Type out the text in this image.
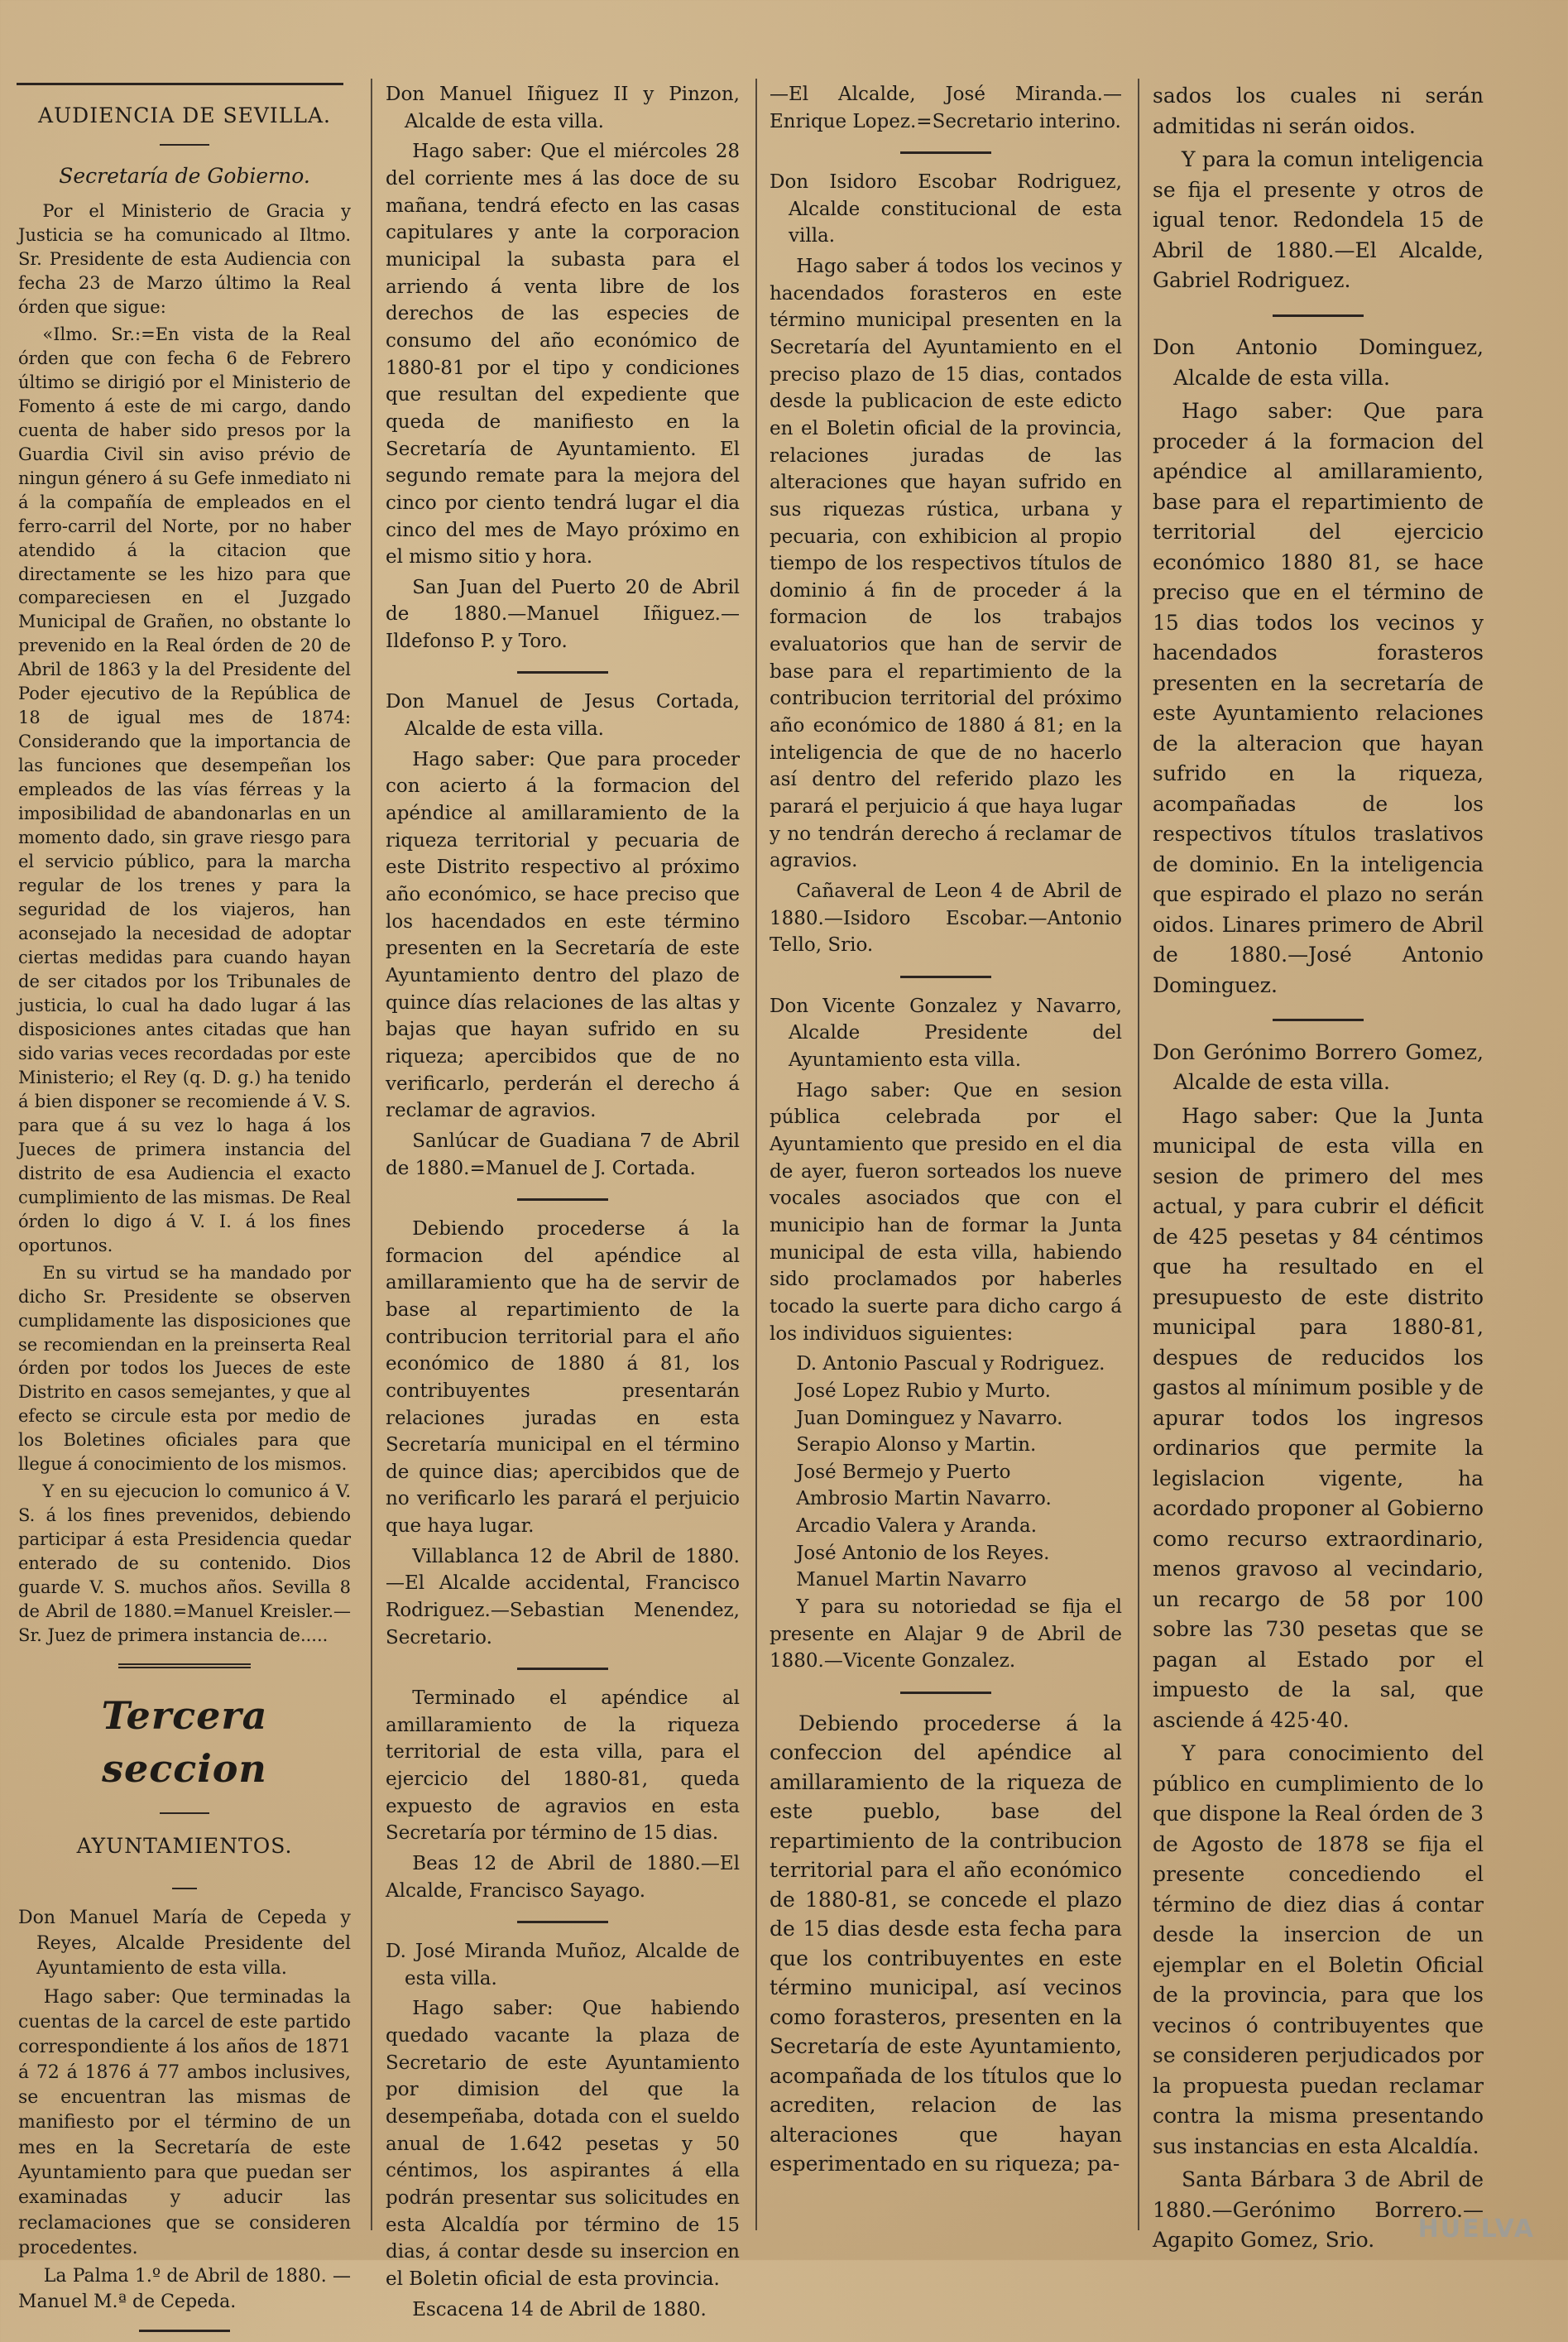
AUDIENCIA DE SEVILLA.

Secretaría de Gobierno.

Por el Ministerio de Gracia y Justicia se ha comunicado al Iltmo. Sr. Presidente de esta Audiencia con fecha 23 de Marzo último la Real órden que sigue:

«Ilmo. Sr.:=En vista de la Real órden que con fecha 6 de Febrero último se dirigió por el Ministerio de Fomento á este de mi cargo, dando cuenta de haber sido presos por la Guardia Civil sin aviso prévio de ningun género á su Gefe inmediato ni á la compañía de empleados en el ferro-carril del Norte, por no haber atendido á la citacion que directamente se les hizo para que compareciesen en el Juzgado Municipal de Grañen, no obstante lo prevenido en la Real órden de 20 de Abril de 1863 y la del Presidente del Poder ejecutivo de la República de 18 de igual mes de 1874: Considerando que la importancia de las funciones que desempeñan los empleados de las vías férreas y la imposibilidad de abandonarlas en un momento dado, sin grave riesgo para el servicio público, para la marcha regular de los trenes y para la seguridad de los viajeros, han aconsejado la necesidad de adoptar ciertas medidas para cuando hayan de ser citados por los Tribunales de justicia, lo cual ha dado lugar á las disposiciones antes citadas que han sido varias veces recordadas por este Ministerio; el Rey (q. D. g.) ha tenido á bien disponer se recomiende á V. S. para que á su vez lo haga á los Jueces de primera instancia del distrito de esa Audiencia el exacto cumplimiento de las mismas. De Real órden lo digo á V. I. á los fines oportunos.

En su virtud se ha mandado por dicho Sr. Presidente se observen cumplidamente las disposiciones que se recomiendan en la preinserta Real órden por todos los Jueces de este Distrito en casos semejantes, y que al efecto se circule esta por medio de los Boletines oficiales para que llegue á conocimiento de los mismos.

Y en su ejecucion lo comunico á V. S. á los fines prevenidos, debiendo participar á esta Presidencia quedar enterado de su contenido. Dios guarde V. S. muchos años. Sevilla 8 de Abril de 1880.=Manuel Kreisler.—Sr. Juez de primera instancia de.....

Tercera seccion

AYUNTAMIENTOS.

Don Manuel María de Cepeda y Reyes, Alcalde Presidente del Ayuntamiento de esta villa.

Hago saber: Que terminadas la cuentas de la carcel de este partido correspondiente á los años de 1871 á 72 á 1876 á 77 ambos inclusives, se encuentran las mismas de manifiesto por el término de un mes en la Secretaría de este Ayuntamiento para que puedan ser examinadas y aducir las reclamaciones que se consideren procedentes.

La Palma 1.º de Abril de 1880. —Manuel M.ª de Cepeda.

Don Manuel Iñiguez II y Pinzon, Alcalde de esta villa.

Hago saber: Que el miércoles 28 del corriente mes á las doce de su mañana, tendrá efecto en las casas capitulares y ante la corporacion municipal la subasta para el arriendo á venta libre de los derechos de las especies de consumo del año económico de 1880-81 por el tipo y condiciones que resultan del expediente que queda de manifiesto en la Secretaría de Ayuntamiento. El segundo remate para la mejora del cinco por ciento tendrá lugar el dia cinco del mes de Mayo próximo en el mismo sitio y hora.

San Juan del Puerto 20 de Abril de 1880.—Manuel Iñiguez.—Ildefonso P. y Toro.

Don Manuel de Jesus Cortada, Alcalde de esta villa.

Hago saber: Que para proceder con acierto á la formacion del apéndice al amillaramiento de la riqueza territorial y pecuaria de este Distrito respectivo al próximo año económico, se hace preciso que los hacendados en este término presenten en la Secretaría de este Ayuntamiento dentro del plazo de quince días relaciones de las altas y bajas que hayan sufrido en su riqueza; apercibidos que de no verificarlo, perderán el derecho á reclamar de agravios.

Sanlúcar de Guadiana 7 de Abril de 1880.=Manuel de J. Cortada.

Debiendo procederse á la formacion del apéndice al amillaramiento que ha de servir de base al repartimiento de la contribucion territorial para el año económico de 1880 á 81, los contribuyentes presentarán relaciones juradas en esta Secretaría municipal en el término de quince dias; apercibidos que de no verificarlo les parará el perjuicio que haya lugar.

Villablanca 12 de Abril de 1880. —El Alcalde accidental, Francisco Rodriguez.—Sebastian Menendez, Secretario.

Terminado el apéndice al amillaramiento de la riqueza territorial de esta villa, para el ejercicio del 1880-81, queda expuesto de agravios en esta Secretaría por término de 15 dias.

Beas 12 de Abril de 1880.—El Alcalde, Francisco Sayago.

D. José Miranda Muñoz, Alcalde de esta villa.

Hago saber: Que habiendo quedado vacante la plaza de Secretario de este Ayuntamiento por dimision del que la desempeñaba, dotada con el sueldo anual de 1.642 pesetas y 50 céntimos, los aspirantes á ella podrán presentar sus solicitudes en esta Alcaldía por término de 15 dias, á contar desde su insercion en el Boletin oficial de esta provincia.

Escacena 14 de Abril de 1880.

—El Alcalde, José Miranda.—Enrique Lopez.=Secretario interino.

Don Isidoro Escobar Rodriguez, Alcalde constitucional de esta villa.

Hago saber á todos los vecinos y hacendados forasteros en este término municipal presenten en la Secretaría del Ayuntamiento en el preciso plazo de 15 dias, contados desde la publicacion de este edicto en el Boletin oficial de la provincia, relaciones juradas de las alteraciones que hayan sufrido en sus riquezas rústica, urbana y pecuaria, con exhibicion al propio tiempo de los respectivos títulos de dominio á fin de proceder á la formacion de los trabajos evaluatorios que han de servir de base para el repartimiento de la contribucion territorial del próximo año económico de 1880 á 81; en la inteligencia de que de no hacerlo así dentro del referido plazo les parará el perjuicio á que haya lugar y no tendrán derecho á reclamar de agravios.

Cañaveral de Leon 4 de Abril de 1880.—Isidoro Escobar.—Antonio Tello, Srio.

Don Vicente Gonzalez y Navarro, Alcalde Presidente del Ayuntamiento esta villa.

Hago saber: Que en sesion pública celebrada por el Ayuntamiento que presido en el dia de ayer, fueron sorteados los nueve vocales asociados que con el municipio han de formar la Junta municipal de esta villa, habiendo sido proclamados por haberles tocado la suerte para dicho cargo á los individuos siguientes:

D. Antonio Pascual y Rodriguez.

José Lopez Rubio y Murto.

Juan Dominguez y Navarro.

Serapio Alonso y Martin.

José Bermejo y Puerto

Ambrosio Martin Navarro.

Arcadio Valera y Aranda.

José Antonio de los Reyes.

Manuel Martin Navarro

Y para su notoriedad se fija el presente en Alajar 9 de Abril de 1880.—Vicente Gonzalez.

Debiendo procederse á la confeccion del apéndice al amillaramiento de la riqueza de este pueblo, base del repartimiento de la contribucion territorial para el año económico de 1880-81, se concede el plazo de 15 dias desde esta fecha para que los contribuyentes en este término municipal, así vecinos como forasteros, presenten en la Secretaría de este Ayuntamiento, acompañada de los títulos que lo acrediten, relacion de las alteraciones que hayan esperimentado en su riqueza; pa-

sados los cuales ni serán admitidas ni serán oidos.

Y para la comun inteligencia se fija el presente y otros de igual tenor. Redondela 15 de Abril de 1880.—El Alcalde, Gabriel Rodriguez.

Don Antonio Dominguez, Alcalde de esta villa.

Hago saber: Que para proceder á la formacion del apéndice al amillaramiento, base para el repartimiento de territorial del ejercicio económico 1880 81, se hace preciso que en el término de 15 dias todos los vecinos y hacendados forasteros presenten en la secretaría de este Ayuntamiento relaciones de la alteracion que hayan sufrido en la riqueza, acompañadas de los respectivos títulos traslativos de dominio. En la inteligencia que espirado el plazo no serán oidos. Linares primero de Abril de 1880.—José Antonio Dominguez.

Don Gerónimo Borrero Gomez, Alcalde de esta villa.

Hago saber: Que la Junta municipal de esta villa en sesion de primero del mes actual, y para cubrir el déficit de 425 pesetas y 84 céntimos que ha resultado en el presupuesto de este distrito municipal para 1880-81, despues de reducidos los gastos al mínimum posible y de apurar todos los ingresos ordinarios que permite la legislacion vigente, ha acordado proponer al Gobierno como recurso extraordinario, menos gravoso al vecindario, un recargo de 58 por 100 sobre las 730 pesetas que se pagan al Estado por el impuesto de la sal, que asciende á 425·40.

Y para conocimiento del público en cumplimiento de lo que dispone la Real órden de 3 de Agosto de 1878 se fija el presente concediendo el término de diez dias á contar desde la insercion de un ejemplar en el Boletin Oficial de la provincia, para que los vecinos ó contribuyentes que se consideren perjudicados por la propuesta puedan reclamar contra la misma presentando sus instancias en esta Alcaldía.

Santa Bárbara 3 de Abril de 1880.—Gerónimo Borrero.—Agapito Gomez, Srio.	HUELVA
